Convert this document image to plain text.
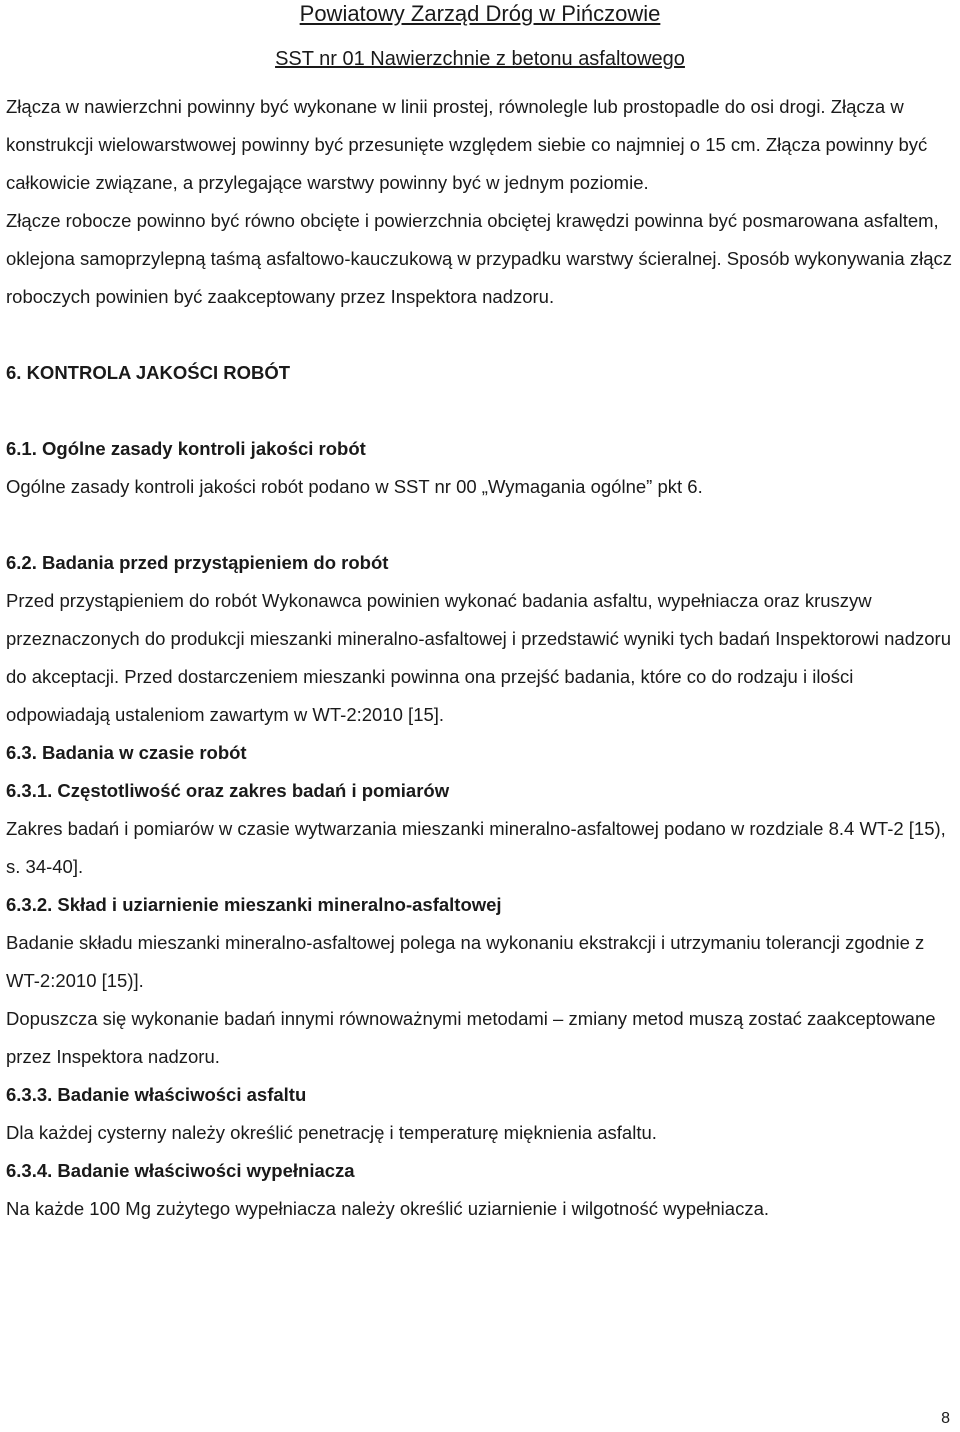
Powiatowy Zarząd Dróg w Pińczowie
SST nr 01 Nawierzchnie z betonu asfaltowego

Złącza w nawierzchni powinny być wykonane w linii prostej, równolegle lub prostopadle do osi drogi. Złącza w konstrukcji wielowarstwowej powinny być przesunięte względem siebie co najmniej o 15 cm. Złącza powinny być całkowicie związane, a przylegające warstwy powinny być w jednym poziomie.

Złącze robocze powinno być równo obcięte i powierzchnia obciętej krawędzi powinna być posmarowana asfaltem, oklejona samoprzylepną taśmą asfaltowo-kauczukową w przypadku warstwy ścieralnej. Sposób wykonywania złącz roboczych powinien być zaakceptowany przez Inspektora nadzoru.

6. KONTROLA JAKOŚCI ROBÓT
6.1. Ogólne zasady kontroli jakości robót

Ogólne zasady kontroli jakości robót podano w SST nr 00 „Wymagania ogólne” pkt 6.

6.2. Badania przed przystąpieniem do robót

Przed przystąpieniem do robót Wykonawca powinien wykonać badania asfaltu, wypełniacza oraz kruszyw przeznaczonych do produkcji mieszanki mineralno-asfaltowej i przedstawić wyniki tych badań Inspektorowi nadzoru do akceptacji. Przed dostarczeniem mieszanki powinna ona przejść badania, które co do rodzaju i ilości odpowiadają ustaleniom zawartym w WT-2:2010 [15].

6.3. Badania w czasie robót
6.3.1. Częstotliwość oraz zakres badań i pomiarów

Zakres badań i pomiarów w czasie wytwarzania mieszanki mineralno-asfaltowej podano w rozdziale 8.4 WT-2 [15), s. 34-40].

6.3.2. Skład i uziarnienie mieszanki mineralno-asfaltowej

Badanie składu mieszanki mineralno-asfaltowej polega na wykonaniu ekstrakcji i utrzymaniu tolerancji zgodnie z WT-2:2010 [15)].

Dopuszcza się wykonanie badań innymi równoważnymi metodami – zmiany metod muszą zostać zaakceptowane przez Inspektora nadzoru.

6.3.3. Badanie właściwości asfaltu

Dla każdej cysterny należy określić penetrację i temperaturę mięknienia asfaltu.

6.3.4. Badanie właściwości wypełniacza

Na każde 100 Mg zużytego wypełniacza należy określić uziarnienie i wilgotność wypełniacza.

8
